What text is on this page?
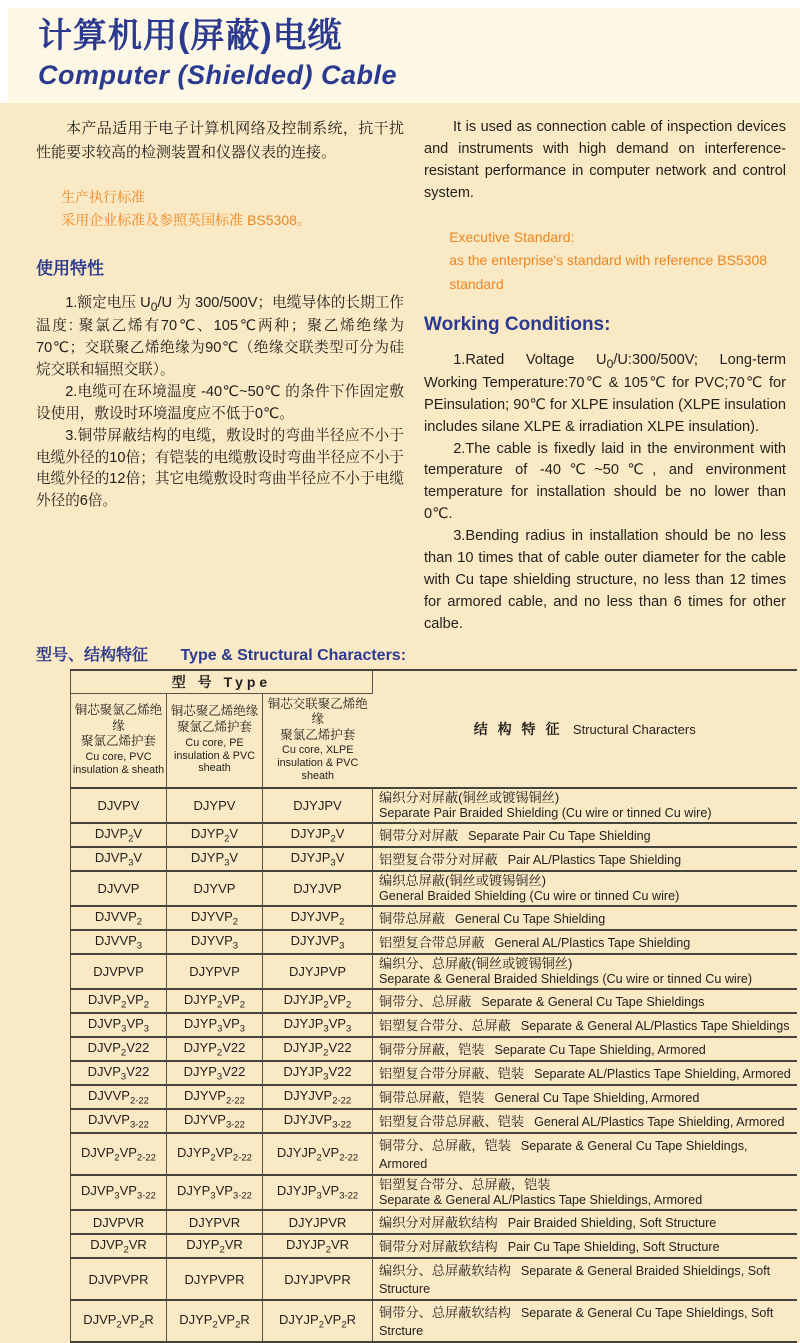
计算机用(屏蔽)电缆
Computer (Shielded) Cable

本产品适用于电子计算机网络及控制系统，抗干扰性能要求较高的检测装置和仪器仪表的连接。

生产执行标准
采用企业标准及参照英国标准 BS5308。
使用特性

1.额定电压 $U_0/U$ 为 300/500V；电缆导体的长期工作温度: 聚氯乙烯有70℃、105℃两种；聚乙烯绝缘为70℃；交联聚乙烯绝缘为90℃（绝缘交联类型可分为硅烷交联和辐照交联）。

2.电缆可在环境温度 -40℃~50℃ 的条件下作固定敷设使用，敷设时环境温度应不低于0℃。

3.铜带屏蔽结构的电缆，敷设时的弯曲半径应不小于电缆外径的10倍；有铠装的电缆敷设时弯曲半径应不小于电缆外径的12倍；其它电缆敷设时弯曲半径应不小于电缆外径的6倍。

It is used as connection cable of inspection devices and instruments with high demand on interference-resistant performance in computer network and control system.

Executive Standard:
as the enterprise's standard with reference BS5308 standard
Working Conditions:

1.Rated Voltage $U_0/U:300/500V$; Long-term Working Temperature:70℃ & 105℃ for PVC;70℃ for PEinsulation; 90℃ for XLPE insulation (XLPE insulation includes silane XLPE & irradiation XLPE insulation).

2.The cable is fixedly laid in the environment with temperature of -40℃~50℃, and environment temperature for installation should be no lower than 0℃.

3.Bending radius in installation should be no less than 10 times that of cable outer diameter for the cable with Cu tape shielding structure, no less than 12 times for armored cable, and no less than 6 times for other calbe.

型号、结构特征 Type & Structural Characters:
型 号 Type			结 构 特 征 Structural Characters

铜芯聚氯乙烯绝缘
聚氯乙烯护套
Cu core, PVC insulation & sheath	铜芯聚乙烯绝缘
聚氯乙烯护套
Cu core, PE insulation & PVC sheath	铜芯交联聚乙烯绝缘
聚氯乙烯护套
Cu core, XLPE insulation & PVC sheath	

DJVPV	DJYPV	DJYJPV	编织分对屏蔽(铜丝或镀锡铜丝)
Separate Pair Braided Shielding (Cu wire or tinned Cu wire)

$DJVP_2V$	$DJYP_2V$	$DJYJP_2V$	铜带分对屏蔽 Separate Pair Cu Tape Shielding
$DJVP_3V$	$DJYP_3V$	$DJYJP_3V$	铝塑复合带分对屏蔽 Pair AL/Plastics Tape Shielding
DJVVP	DJYVP	DJYJVP	编织总屏蔽(铜丝或镀锡铜丝)
General Braided Shielding (Cu wire or tinned Cu wire)

$DJVVP_2$	$DJYVP_2$	$DJYJVP_2$	铜带总屏蔽 General Cu Tape Shielding
$DJVVP_3$	$DJYVP_3$	$DJYJVP_3$	铝塑复合带总屏蔽 General AL/Plastics Tape Shielding
DJVPVP	DJYPVP	DJYJPVP	编织分、总屏蔽(铜丝或镀锡铜丝)
Separate & General Braided Shieldings (Cu wire or tinned Cu wire)

$DJVP_2VP_2$	$DJYP_2VP_2$	$DJYJP_2VP_2$	铜带分、总屏蔽 Separate & General Cu Tape Shieldings
$DJVP_3VP_3$	$DJYP_3VP_3$	$DJYJP_3VP_3$	铝塑复合带分、总屏蔽 Separate & General AL/Plastics Tape Shieldings
$DJVP_2V22$	$DJYP_2V22$	$DJYJP_2V22$	铜带分屏蔽，铠装 Separate Cu Tape Shielding, Armored
$DJVP_3V22$	$DJYP_3V22$	$DJYJP_3V22$	铝塑复合带分屏蔽、铠装 Separate AL/Plastics Tape Shielding, Armored
$DJVVP_{2-22}$	$DJYVP_{2-22}$	$DJYJVP_{2-22}$	铜带总屏蔽，铠装 General Cu Tape Shielding, Armored
$DJVVP_{3-22}$	$DJYVP_{3-22}$	$DJYJVP_{3-22}$	铝塑复合带总屏蔽、铠装 General AL/Plastics Tape Shielding, Armored
$DJVP_2VP_{2-22}$	$DJYP_2VP_{2-22}$	$DJYJP_2VP_{2-22}$	铜带分、总屏蔽，铠装 Separate & General Cu Tape Shieldings, Armored
$DJVP_3VP_{3-22}$	$DJYP_3VP_{3-22}$	$DJYJP_3VP_{3-22}$	铝塑复合带分、总屏蔽，铠装
Separate & General AL/Plastics Tape Shieldings, Armored

DJVPVR	DJYPVR	DJYJPVR	编织分对屏蔽软结构 Pair Braided Shielding, Soft Structure
$DJVP_2VR$	$DJYP_2VR$	$DJYJP_2VR$	铜带分对屏蔽软结构 Pair Cu Tape Shielding, Soft Structure
DJVPVPR	DJYPVPR	DJYJPVPR	编织分、总屏蔽软结构 Separate & General Braided Shieldings, Soft Structure
$DJVP_2VP_2R$	$DJYP_2VP_2R$	$DJYJP_2VP_2R$	铜带分、总屏蔽软结构 Separate & General Cu Tape Shieldings, Soft Strcture
